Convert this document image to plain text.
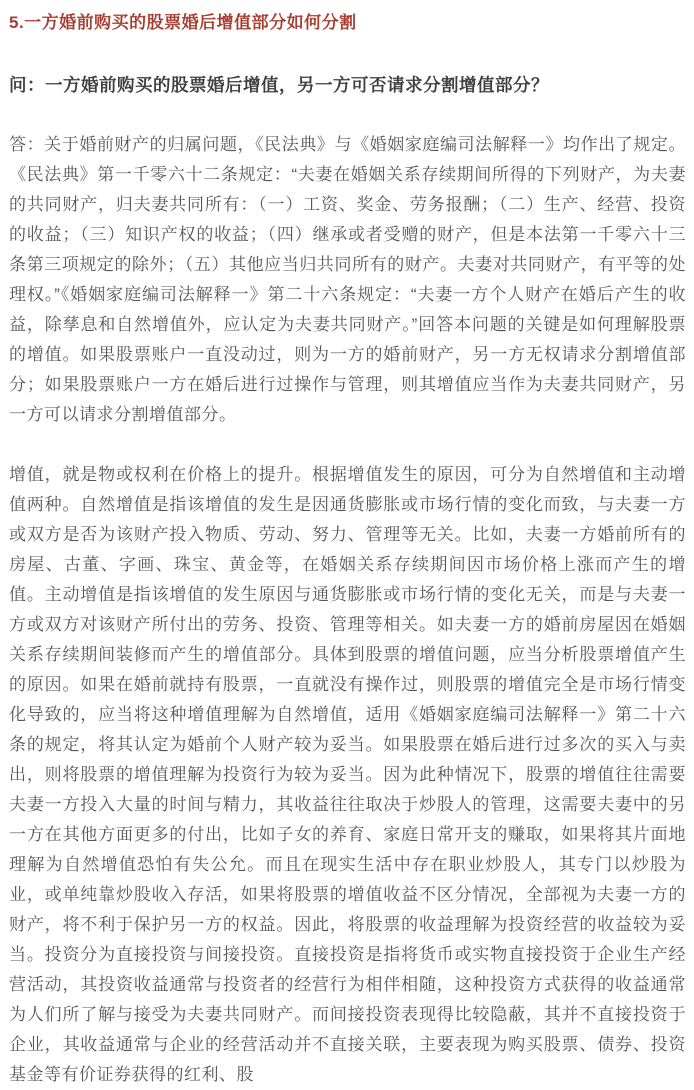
5.一方婚前购买的股票婚后增值部分如何分割

问：一方婚前购买的股票婚后增值，另一方可否请求分割增值部分？

答：关于婚前财产的归属问题，《民法典》与《婚姻家庭编司法解释一》均作出了规定。《民法典》第一千零六十二条规定：“夫妻在婚姻关系存续期间所得的下列财产，为夫妻的共同财产，归夫妻共同所有：（一）工资、奖金、劳务报酬；（二）生产、经营、投资的收益；（三）知识产权的收益；（四）继承或者受赠的财产，但是本法第一千零六十三条第三项规定的除外；（五）其他应当归共同所有的财产。夫妻对共同财产，有平等的处理权。”《婚姻家庭编司法解释一》第二十六条规定：“夫妻一方个人财产在婚后产生的收益，除孳息和自然增值外，应认定为夫妻共同财产。”回答本问题的关键是如何理解股票的增值。如果股票账户一直没动过，则为一方的婚前财产，另一方无权请求分割增值部分；如果股票账户一方在婚后进行过操作与管理，则其增值应当作为夫妻共同财产，另一方可以请求分割增值部分。

增值，就是物或权利在价格上的提升。根据增值发生的原因，可分为自然增值和主动增值两种。自然增值是指该增值的发生是因通货膨胀或市场行情的变化而致，与夫妻一方或双方是否为该财产投入物质、劳动、努力、管理等无关。比如，夫妻一方婚前所有的房屋、古董、字画、珠宝、黄金等，在婚姻关系存续期间因市场价格上涨而产生的增值。主动增值是指该增值的发生原因与通货膨胀或市场行情的变化无关，而是与夫妻一方或双方对该财产所付出的劳务、投资、管理等相关。如夫妻一方的婚前房屋因在婚姻关系存续期间装修而产生的增值部分。具体到股票的增值问题，应当分析股票增值产生的原因。如果在婚前就持有股票，一直就没有操作过，则股票的增值完全是市场行情变化导致的，应当将这种增值理解为自然增值，适用《婚姻家庭编司法解释一》第二十六条的规定，将其认定为婚前个人财产较为妥当。如果股票在婚后进行过多次的买入与卖出，则将股票的增值理解为投资行为较为妥当。因为此种情况下，股票的增值往往需要夫妻一方投入大量的时间与精力，其收益往往取决于炒股人的管理，这需要夫妻中的另一方在其他方面更多的付出，比如子女的养育、家庭日常开支的赚取，如果将其片面地理解为自然增值恐怕有失公允。而且在现实生活中存在职业炒股人，其专门以炒股为业，或单纯靠炒股收入存活，如果将股票的增值收益不区分情况，全部视为夫妻一方的财产，将不利于保护另一方的权益。因此，将股票的收益理解为投资经营的收益较为妥当。投资分为直接投资与间接投资。直接投资是指将货币或实物直接投资于企业生产经营活动，其投资收益通常与投资者的经营行为相伴相随，这种投资方式获得的收益通常为人们所了解与接受为夫妻共同财产。而间接投资表现得比较隐蔽，其并不直接投资于企业，其收益通常与企业的经营活动并不直接关联，主要表现为购买股票、债券、投资基金等有价证券获得的红利、股
